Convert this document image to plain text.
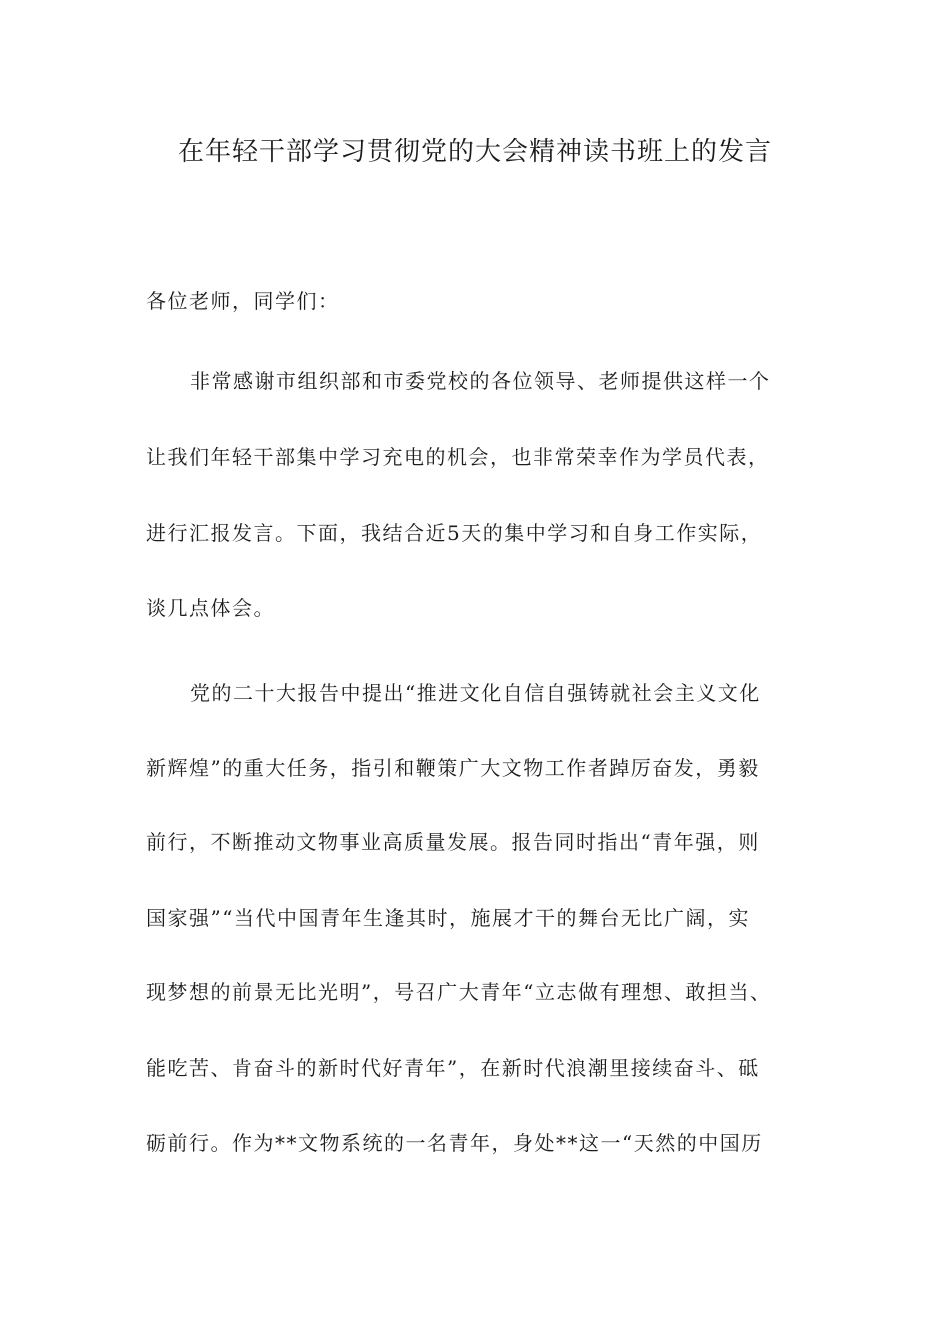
在年轻干部学习贯彻党的大会精神读书班上的发言
各位老师，同学们：
非常感谢市组织部和市委党校的各位领导、老师提供这样一个
让我们年轻干部集中学习充电的机会，也非常荣幸作为学员代表，
进行汇报发言。下面，我结合近5天的集中学习和自身工作实际，
谈几点体会。
党的二十大报告中提出“推进文化自信自强铸就社会主义文化
新辉煌”的重大任务，指引和鞭策广大文物工作者踔厉奋发，勇毅
前行，不断推动文物事业高质量发展。报告同时指出“青年强，则
国家强”“当代中国青年生逢其时，施展才干的舞台无比广阔，实
现梦想的前景无比光明”，号召广大青年“立志做有理想、敢担当、
能吃苦、肯奋斗的新时代好青年”，在新时代浪潮里接续奋斗、砥
砺前行。作为**文物系统的一名青年，身处**这一“天然的中国历
